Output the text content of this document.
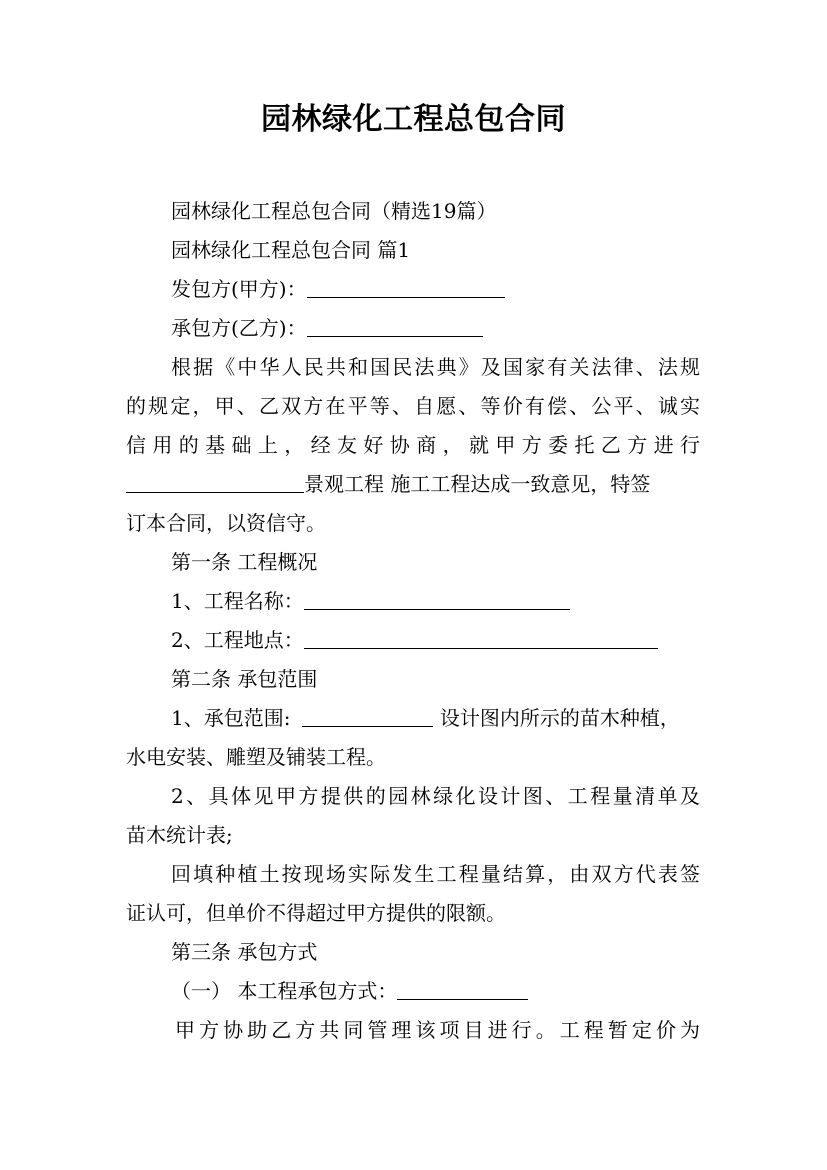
园林绿化工程总包合同
园林绿化工程总包合同（精选19篇）
园林绿化工程总包合同 篇1
发包方(甲方)：
承包方(乙方)：
根据《中华人民共和国民法典》及国家有关法律、法规
的规定，甲、乙双方在平等、自愿、等价有偿、公平、诚实
信用的基础上，经友好协商，就甲方委托乙方进行
景观工程 施工工程达成一致意见，特签
订本合同，以资信守。
第一条 工程概况
1、工程名称：
2、工程地点：
第二条 承包范围
1、承包范围:	设计图内所示的苗木种植，
水电安装、雕塑及铺装工程。
2、具体见甲方提供的园林绿化设计图、工程量清单及
苗木统计表;
回填种植土按现场实际发生工程量结算，由双方代表签
证认可，但单价不得超过甲方提供的限额。
第三条 承包方式
（一） 本工程承包方式：
甲方协助乙方共同管理该项目进行。工程暂定价为
